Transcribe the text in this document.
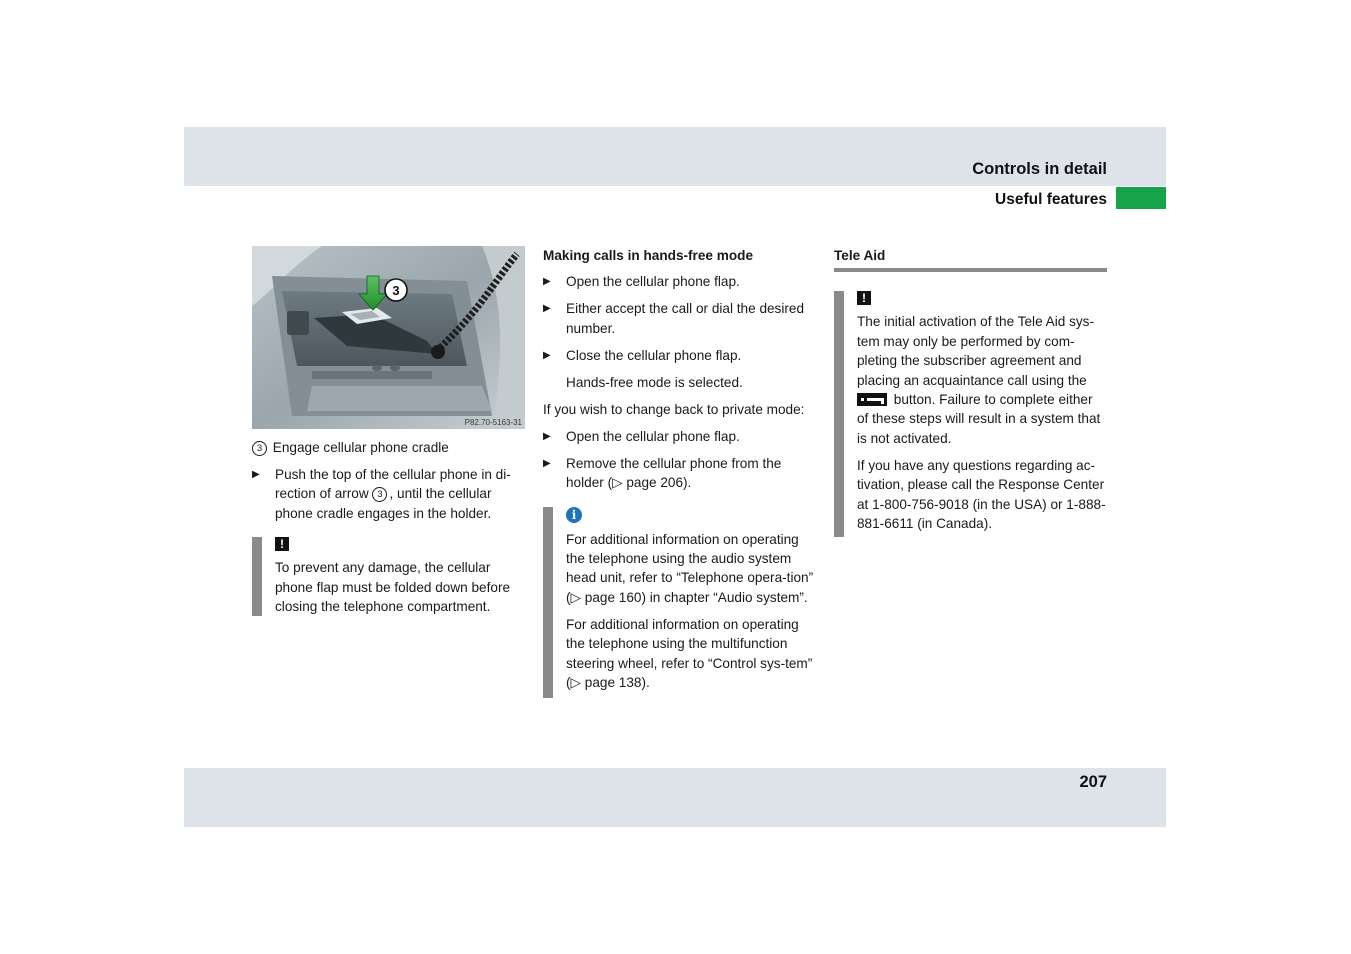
Controls in detail
Useful features
207
3
P82.70-5163-31

3 Engage cellular phone cradle

▶ Push the top of the cellular phone in di-rection of arrow 3 , until the cellular phone cradle engages in the holder.
!

To prevent any damage, the cellular phone flap must be folded down before closing the telephone compartment.

Making calls in hands-free mode

▶ Open the cellular phone flap.
▶ Either accept the call or dial the desired number.
▶ Close the cellular phone flap.

Hands-free mode is selected.

If you wish to change back to private mode:

▶ Open the cellular phone flap.
▶ Remove the cellular phone from the holder (▷ page 206).
i

For additional information on operating the telephone using the audio system head unit, refer to “Telephone opera-tion” (▷ page 160) in chapter “Audio system”.

For additional information on operating the telephone using the multifunction steering wheel, refer to “Control sys-tem” (▷ page 138).

Tele Aid

!

The initial activation of the Tele Aid sys-tem may only be performed by com-pleting the subscriber agreement and placing an acquaintance call using the
button. Failure to complete either of these steps will result in a system that is not activated.

If you have any questions regarding ac-tivation, please call the Response Center at 1-800-756-9018 (in the USA) or 1-888-881-6611 (in Canada).
